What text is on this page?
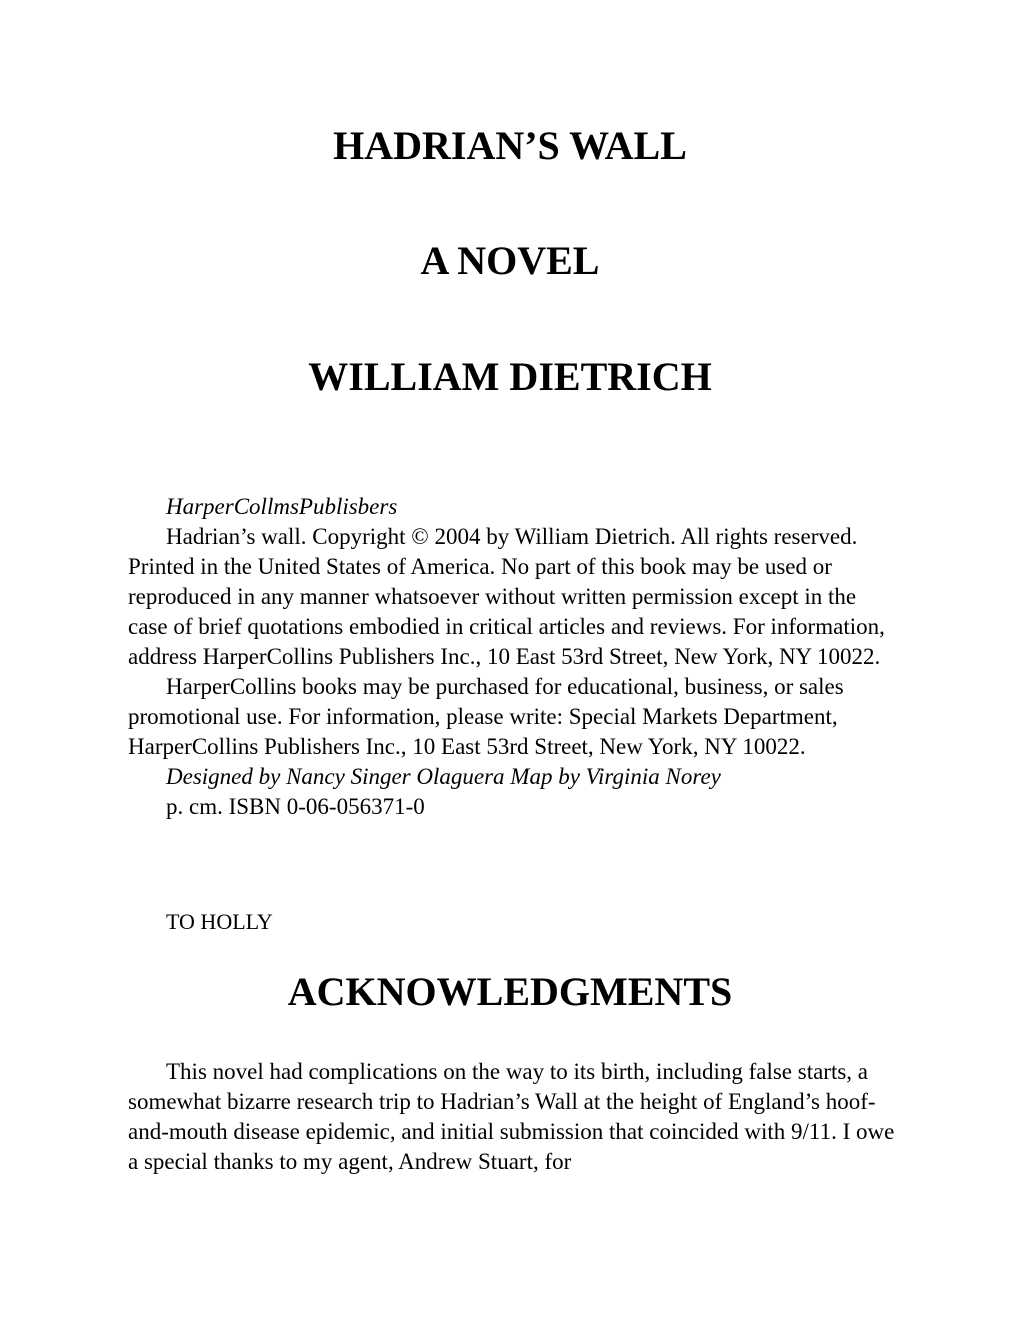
HADRIAN’S WALL
A NOVEL
WILLIAM DIETRICH

HarperCollmsPublisbers

Hadrian’s wall. Copyright © 2004 by William Dietrich. All rights reserved. Printed in the United States of America. No part of this book may be used or reproduced in any manner whatsoever without written permission except in the case of brief quotations embodied in critical articles and reviews. For information, address HarperCollins Publishers Inc., 10 East 53rd Street, New York, NY 10022.

HarperCollins books may be purchased for educational, business, or sales promotional use. For information, please write: Special Markets Department, HarperCollins Publishers Inc., 10 East 53rd Street, New York, NY 10022.

Designed by Nancy Singer Olaguera Map by Virginia Norey

p. cm. ISBN 0-06-056371-0

TO HOLLY

ACKNOWLEDGMENTS

This novel had complications on the way to its birth, including false starts, a somewhat bizarre research trip to Hadrian’s Wall at the height of England’s hoof-and-mouth disease epidemic, and initial submission that coincided with 9/11. I owe a special thanks to my agent, Andrew Stuart, for
